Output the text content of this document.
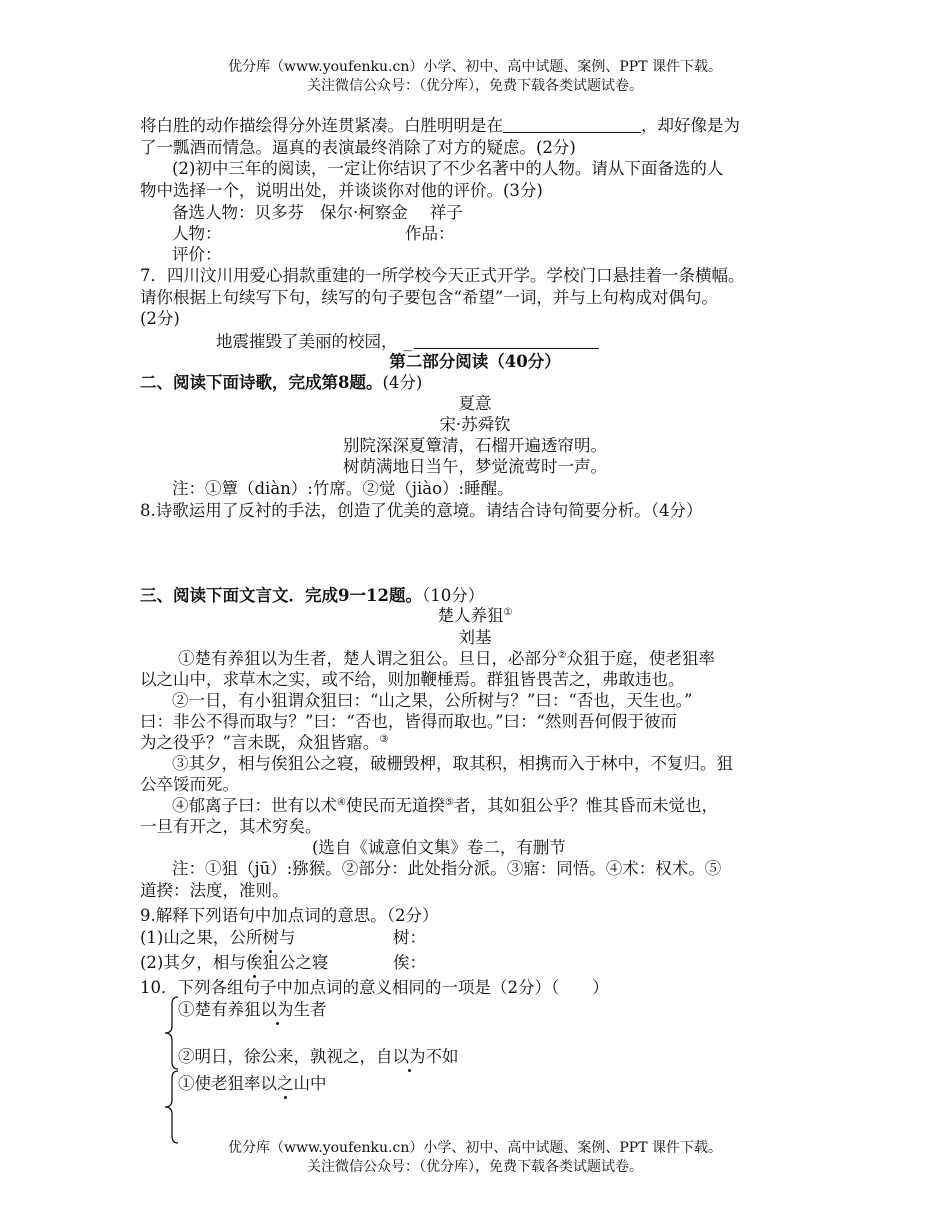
优分库（www.youfenku.cn）小学、初中、高中试题、案例、PPT 课件下载。
关注微信公众号：（优分库），免费下载各类试题试卷。
将白胜的动作描绘得分外连贯紧凑。白胜明明是在	，却好像是为
了一瓢酒而情急。逼真的表演最终消除了对方的疑虑。(2分)
(2)初中三年的阅读，一定让你结识了不少名著中的人物。请从下面备选的人
物中选择一个，说明出处，并谈谈你对他的评价。(3分)
备选人物：贝多芬 保尔·柯察金 祥子
人物：	作品：
评价：
7．四川汶川用爱心捐款重建的一所学校今天正式开学。学校门口悬挂着一条横幅。
请你根据上句续写下句，续写的句子要包含“希望”一词，并与上句构成对偶句。
(2分)
地震摧毁了美丽的校园， _
第二部分阅读（40分）
二、阅读下面诗歌，完成第8题。(4分)
夏意
宋·苏舜钦
别院深深夏簟清，石榴开遍透帘明。
树荫满地日当午，梦觉流莺时一声。
注：①簟（diàn）:竹席。②觉（jiào）:睡醒。
8.诗歌运用了反衬的手法，创造了优美的意境。请结合诗句简要分析。（4分）
三、阅读下面文言文．完成9一12题。（10分）
楚人养狙①
刘基
①楚有养狙以为生者，楚人谓之狙公。旦日，必部分②众狙于庭，使老狙率
以之山中，求草木之实，或不给，则加鞭棰焉。群狙皆畏苦之，弗敢违也。
②一日，有小狙谓众狙曰：“山之果，公所树与？”曰：“否也，天生也。”
曰：非公不得而取与？”曰：“否也，皆得而取也。”曰：“然则吾何假于彼而
为之役乎？”言未既，众狙皆寤。③
③其夕，相与俟狙公之寝，破栅毁柙，取其积，相携而入于林中，不复归。狙
公卒馁而死。
④郁离子曰：世有以术④使民而无道揆⑤者，其如狙公乎？惟其昏而未觉也，
一旦有开之，其术穷矣。
(选自《诚意伯文集》卷二，有删节
注：①狙（jū）:猕猴。②部分：此处指分派。③寤：同悟。④术：权术。⑤
道揆：法度，准则。
9.解释下列语句中加点词的意思。（2分）
(1)山之果，公所树与	树：
(2)其夕，相与俟狙公之寝	俟：
10．下列各组句子中加点词的意义相同的一项是（2分）（　　）
①楚有养狙以为生者
②明日，徐公来，孰视之，自以为不如
①使老狙率以之山中
优分库（www.youfenku.cn）小学、初中、高中试题、案例、PPT 课件下载。
关注微信公众号：（优分库），免费下载各类试题试卷。
